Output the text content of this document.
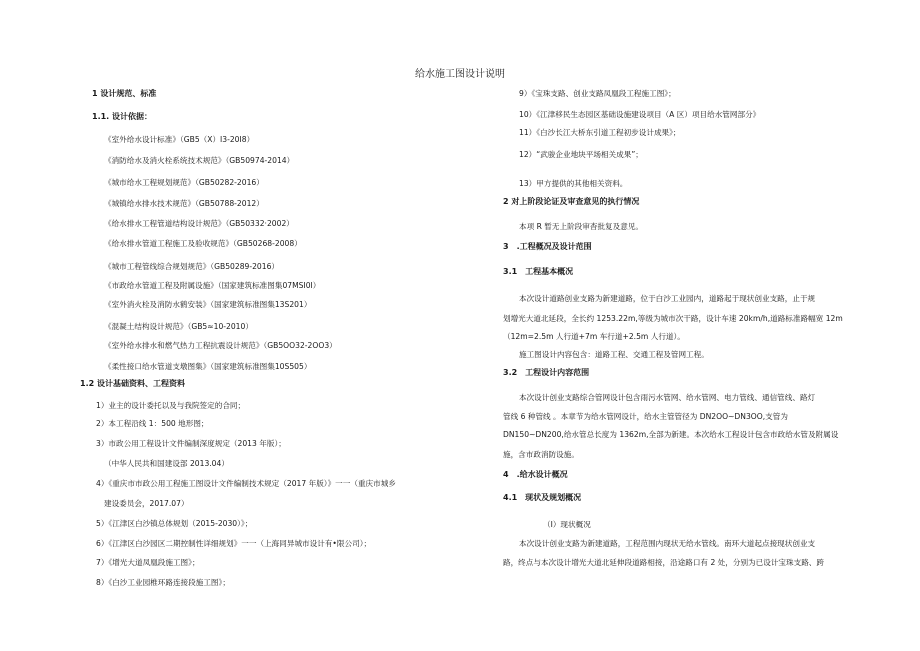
给水施工图设计说明
1 设计规范、标准
1.1. 设计依据：
《室外给水设计标准》（GB5（X）I3-20I8）
《消防给水及消火栓系统技术规范》（GB50974-2014）
《城市给水工程规划规范》（GB50282-2016）
《城镇给水排水技术规范》（GB50788-2012）
《给水排水工程管道结构设计规范》（GB50332·2002）
《给水排水管道工程施工及验收规范》（GB50268-2008）
《城市工程管线综合规划规范》（GB50289-2016）
《市政给水管道工程及附属设施》（国家建筑标准图集07MSI0I）
《室外消火栓及消防水鹤安装》（国家建筑标准图集13S201）
《混凝土结构设计规范》（GB5≈10-2010）
《室外给水排水和燃气热力工程抗震设计规范》（GB5OO32-2OO3）
《柔性接口给水管道支墩图集》（国家建筑标准图集10S505）
1.2 设计基础资料、工程资料
1）业主的设计委托以及与我院签定的合同；
2）本工程沿线 1：500 地形图；
3）市政公用工程设计文件编制深度规定（2013 年版）；
（中华人民共和国建设部 2013.04）
4）《重庆市市政公用工程施工图设计文件编制技术规定（2017 年版）》一一（重庆市城乡
建设委员会，2017.07）
5）《江津区白沙镇总体规划（2015-2030）》；
6）《江津区白沙园区二期控制性详细规划》一一（上海同异城市设计有•限公司）；
7）《增光大道凤凰段施工图》；
8）《白沙工业园椎环路连接段施工图》；
9）《宝珠支路、创业支路凤凰段工程施工图》；
10）《江津移民生态园区基础设施建设项目（A 区）项目给水管网部分》
11）《白沙长江大桥东引道工程初步设计成果》；
12）“武骏企业地块平场相关成果”；
13）甲方提供的其他相关资料。
2 对上阶段论证及审查意见的执行情况
本项 R 暂无上阶段审杳批复及意见。
3　.工程概况及设计范围
3.1　工程基本概况
本次设计道路创业支路为新建道路，位于白沙工业园内，道路起于现状创业支路，止于规
划增光大道北延段，全长约 1253.22m,等级为城市次干路，设计车速 20km/h,道路标准路幅宽 12m
（12m=2.5m 人行道+7m 车行道+2.5m 人行道）。
施工图设计内容包含：道路工程、交通工程及管网工程。
3.2　工程设计内容范围
本次设计创业支路综合管网设计包含雨污水管网、给水管网、电力管线、通信管线、路灯
管线 6 种管线 。本章节为给水管网设计，给水主管管径为 DN2OO~DN3OO,支管为
DN150~DN200,给水管总长度为 1362m,全部为新建。本次给水工程设计包含市政给水管及附属设
施，含市政消防设施。
4　.给水设计概况
4.1　现状及规划概况
（I）现状概况
本次设计创业支路为新建道路，工程范围内现状无给水管线。南环大道起点接现状创业支
路，终点与本次设计增光大道北延伸段道路相接，沿途路口有 2 处，分别为已设计宝珠支路、跨
